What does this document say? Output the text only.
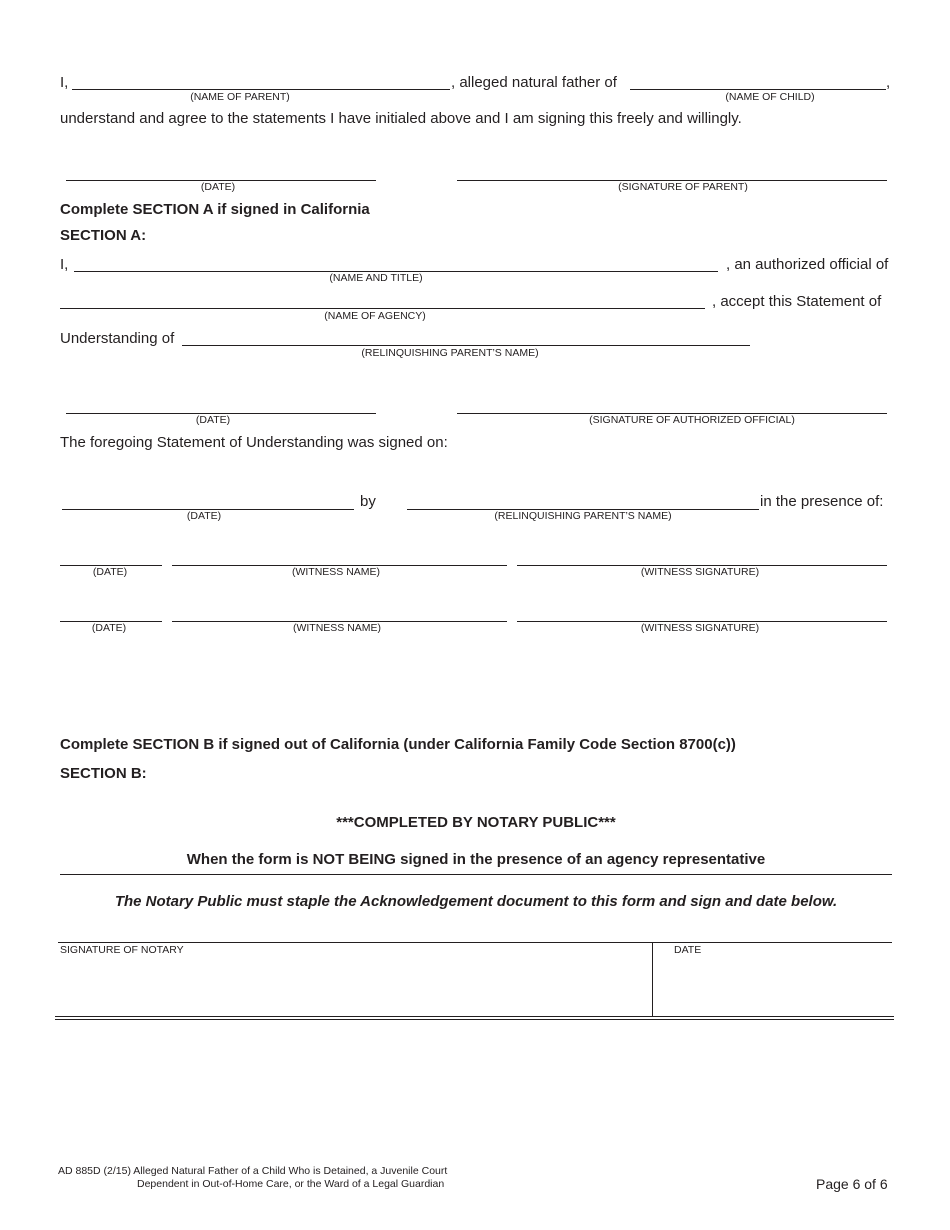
I,	, alleged natural father of	,
(NAME OF PARENT)	(NAME OF CHILD)
understand and agree to the statements I have initialed above and I am signing this freely and willingly.
(DATE)	(SIGNATURE OF PARENT)
Complete SECTION A if signed in California
SECTION A:
I,	, an authorized official of
(NAME AND TITLE)
, accept this Statement of
(NAME OF AGENCY)
Understanding of
(RELINQUISHING PARENT’S NAME)
(DATE)	(SIGNATURE OF AUTHORIZED OFFICIAL)
The foregoing Statement of Understanding was signed on:
by	in the presence of:
(DATE)	(RELINQUISHING PARENT’S NAME)
(DATE)	(WITNESS NAME)	(WITNESS SIGNATURE)
(DATE)	(WITNESS NAME)	(WITNESS SIGNATURE)
Complete SECTION B if signed out of California (under California Family Code Section 8700(c))
SECTION B:
***COMPLETED BY NOTARY PUBLIC***
When the form is NOT BEING signed in the presence of an agency representative
The Notary Public must staple the Acknowledgement document to this form and sign and date below.
SIGNATURE OF NOTARY	DATE
AD 885D (2/15) Alleged Natural Father of a Child Who is Detained, a Juvenile Court
Dependent in Out-of-Home Care, or the Ward of a Legal Guardian	Page 6 of 6
